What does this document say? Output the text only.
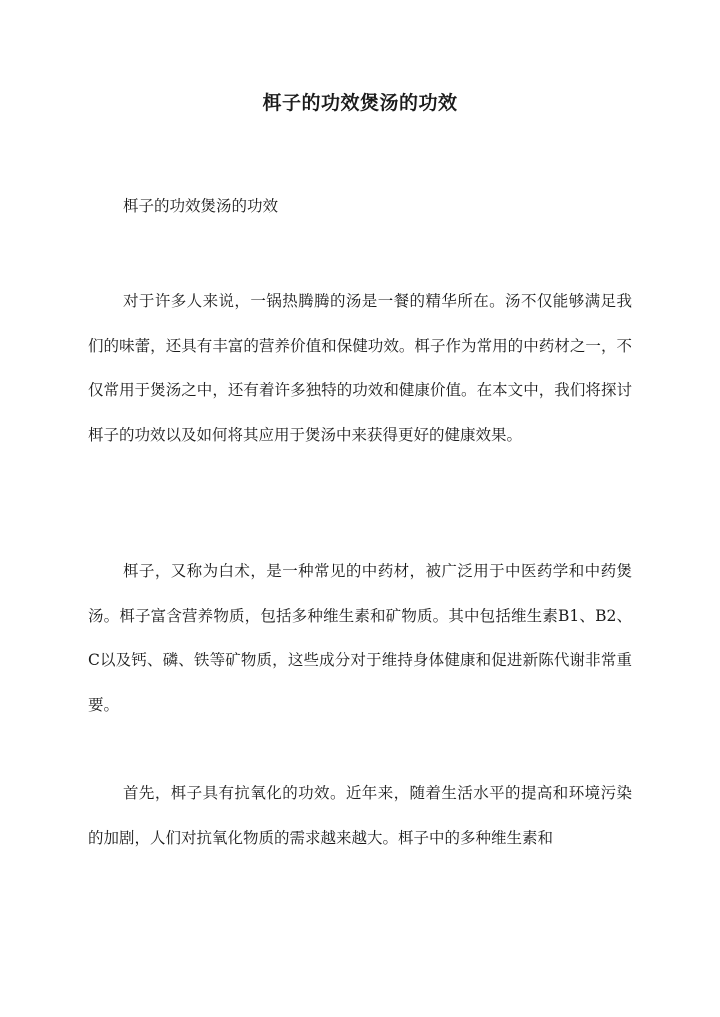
栮子的功效煲汤的功效

栮子的功效煲汤的功效

对于许多人来说，一锅热腾腾的汤是一餐的精华所在。汤不仅能够满足我们的味蕾，还具有丰富的营养价值和保健功效。栮子作为常用的中药材之一，不仅常用于煲汤之中，还有着许多独特的功效和健康价值。在本文中，我们将探讨栮子的功效以及如何将其应用于煲汤中来获得更好的健康效果。

栮子，又称为白术，是一种常见的中药材，被广泛用于中医药学和中药煲汤。栮子富含营养物质，包括多种维生素和矿物质。其中包括维生素B1、B2、C以及钙、磷、铁等矿物质，这些成分对于维持身体健康和促进新陈代谢非常重要。

首先，栮子具有抗氧化的功效。近年来，随着生活水平的提高和环境污染的加剧，人们对抗氧化物质的需求越来越大。栮子中的多种维生素和
